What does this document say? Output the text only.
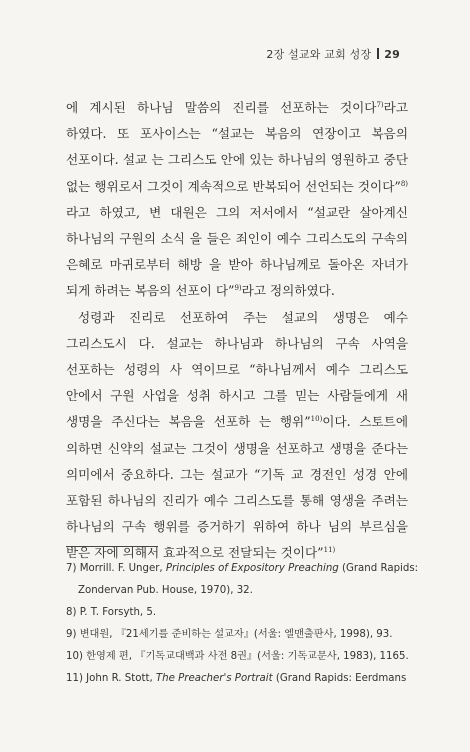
2장 설교와 교회 성장 29

에 계시된 하나님 말씀의 진리를 선포하는 것이다$^{7)}$라고 하였다. 또 포사이스는 “설교는 복음의 연장이고 복음의 선포이다. 설교 는 그리스도 안에 있는 하나님의 영원하고 중단 없는 행위로서 그것이 계속적으로 반복되어 선언되는 것이다”$^{8)}$라고 하였고, 변 대원은 그의 저서에서 “설교란 살아계신 하나님의 구원의 소식 을 들은 죄인이 예수 그리스도의 구속의 은혜로 마귀로부터 해방 을 받아 하나님께로 돌아온 자녀가 되게 하려는 복음의 선포이 다”$^{9)}$라고 정의하였다.

성령과 진리로 선포하여 주는 설교의 생명은 예수 그리스도시 다. 설교는 하나님과 하나님의 구속 사역을 선포하는 성령의 사 역이므로 “하나님께서 예수 그리스도 안에서 구원 사업을 성취 하시고 그를 믿는 사람들에게 새 생명을 주신다는 복음을 선포하 는 행위”$^{10)}$이다. 스토트에 의하면 신약의 설교는 그것이 생명을 선포하고 생명을 준다는 의미에서 중요하다. 그는 설교가 “기독 교 경전인 성경 안에 포함된 하나님의 진리가 예수 그리스도를 통해 영생을 주려는 하나님의 구속 행위를 증거하기 위하여 하나 님의 부르심을 받은 자에 의해서 효과적으로 전달되는 것이다”$^{11)}$

7) Morrill. F. Unger, Principles of Expository Preaching (Grand Rapids:
Zondervan Pub. House, 1970), 32.
8) P. T. Forsyth, 5.
9) 변대원, 『21세기를 준비하는 설교자』(서울: 엘맨출판사, 1998), 93.
10) 한영제 편, 『기독교대백과 사전 8권』(서울: 기독교문사, 1983), 1165.
11) John R. Stott, The Preacher's Portrait (Grand Rapids: Eerdmans
